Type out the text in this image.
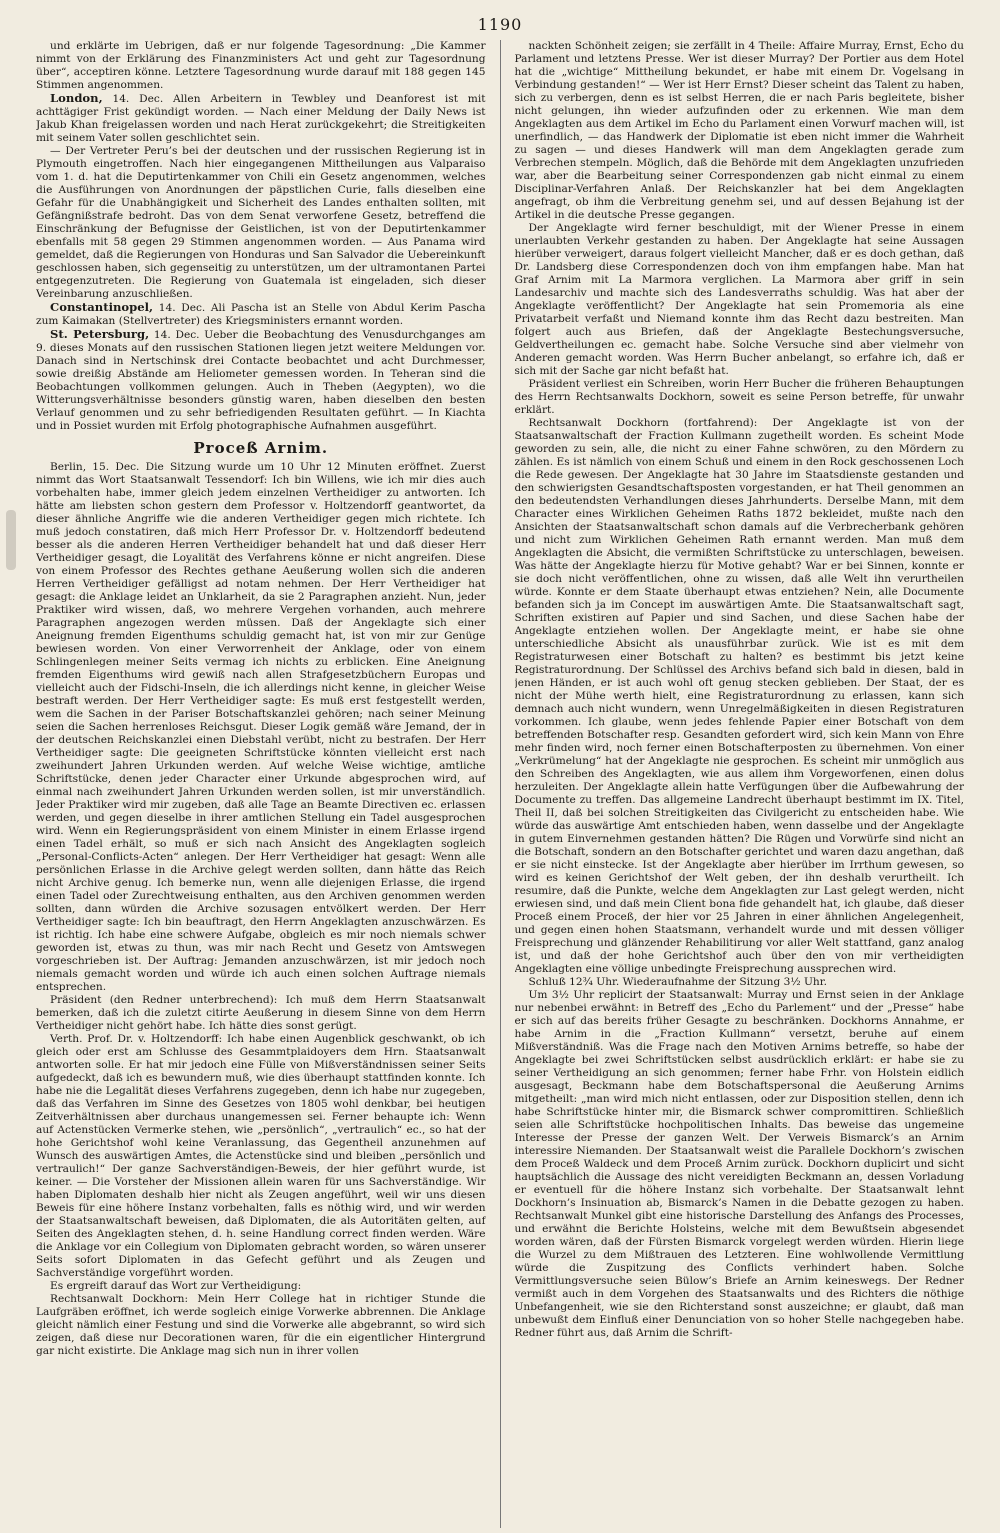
1190

und erklärte im Uebrigen, daß er nur folgende Tagesordnung: „Die Kammer nimmt von der Erklärung des Finanzministers Act und geht zur Tagesordnung über“, acceptiren könne. Letztere Tagesordnung wurde darauf mit 188 gegen 145 Stimmen angenommen.

London, 14. Dec. Allen Arbeitern in Tewbley und Deanforest ist mit achttägiger Frist gekündigt worden. — Nach einer Meldung der Daily News ist Jakub Khan freigelassen worden und nach Herat zurückgekehrt; die Streitigkeiten mit seinem Vater sollen geschlichtet sein.

— Der Vertreter Peru’s bei der deutschen und der russischen Regierung ist in Plymouth eingetroffen. Nach hier eingegangenen Mittheilungen aus Valparaiso vom 1. d. hat die Deputirtenkammer von Chili ein Gesetz angenommen, welches die Ausführungen von Anordnungen der päpstlichen Curie, falls dieselben eine Gefahr für die Unabhängigkeit und Sicherheit des Landes enthalten sollten, mit Gefängnißstrafe bedroht. Das von dem Senat verworfene Gesetz, betreffend die Einschränkung der Befugnisse der Geistlichen, ist von der Deputirtenkammer ebenfalls mit 58 gegen 29 Stimmen angenommen worden. — Aus Panama wird gemeldet, daß die Regierungen von Honduras und San Salvador die Uebereinkunft geschlossen haben, sich gegenseitig zu unterstützen, um der ultramontanen Partei entgegenzutreten. Die Regierung von Guatemala ist eingeladen, sich dieser Vereinbarung anzuschließen.

Constantinopel, 14. Dec. Ali Pascha ist an Stelle von Abdul Kerim Pascha zum Kaimakan (Stellvertreter) des Kriegsministers ernannt worden.

St. Petersburg, 14. Dec. Ueber die Beobachtung des Venusdurchganges am 9. dieses Monats auf den russischen Stationen liegen jetzt weitere Meldungen vor. Danach sind in Nertschinsk drei Contacte beobachtet und acht Durchmesser, sowie dreißig Abstände am Heliometer gemessen worden. In Teheran sind die Beobachtungen vollkommen gelungen. Auch in Theben (Aegypten), wo die Witterungsverhältnisse besonders günstig waren, haben dieselben den besten Verlauf genommen und zu sehr befriedigenden Resultaten geführt. — In Kiachta und in Possiet wurden mit Erfolg photographische Aufnahmen ausgeführt.

Proceß Arnim.

Berlin, 15. Dec. Die Sitzung wurde um 10 Uhr 12 Minuten eröffnet. Zuerst nimmt das Wort Staatsanwalt Tessendorf: Ich bin Willens, wie ich mir dies auch vorbehalten habe, immer gleich jedem einzelnen Vertheidiger zu antworten. Ich hätte am liebsten schon gestern dem Professor v. Holtzendorff geantwortet, da dieser ähnliche Angriffe wie die anderen Vertheidiger gegen mich richtete. Ich muß jedoch constatiren, daß mich Herr Professor Dr. v. Holtzendorff bedeutend besser als die anderen Herren Vertheidiger behandelt hat und daß dieser Herr Vertheidiger gesagt, die Loyalität des Verfahrens könne er nicht angreifen. Diese von einem Professor des Rechtes gethane Aeußerung wollen sich die anderen Herren Vertheidiger gefälligst ad notam nehmen. Der Herr Vertheidiger hat gesagt: die Anklage leidet an Unklarheit, da sie 2 Paragraphen anzieht. Nun, jeder Praktiker wird wissen, daß, wo mehrere Vergehen vorhanden, auch mehrere Paragraphen angezogen werden müssen. Daß der Angeklagte sich einer Aneignung fremden Eigenthums schuldig gemacht hat, ist von mir zur Genüge bewiesen worden. Von einer Verworrenheit der Anklage, oder von einem Schlingenlegen meiner Seits vermag ich nichts zu erblicken. Eine Aneignung fremden Eigenthums wird gewiß nach allen Strafgesetzbüchern Europas und vielleicht auch der Fidschi-Inseln, die ich allerdings nicht kenne, in gleicher Weise bestraft werden. Der Herr Vertheidiger sagte: Es muß erst festgestellt werden, wem die Sachen in der Pariser Botschaftskanzlei gehören; nach seiner Meinung seien die Sachen herrenloses Reichsgut. Dieser Logik gemäß wäre Jemand, der in der deutschen Reichskanzlei einen Diebstahl verübt, nicht zu bestrafen. Der Herr Vertheidiger sagte: Die geeigneten Schriftstücke könnten vielleicht erst nach zweihundert Jahren Urkunden werden. Auf welche Weise wichtige, amtliche Schriftstücke, denen jeder Character einer Urkunde abgesprochen wird, auf einmal nach zweihundert Jahren Urkunden werden sollen, ist mir unverständlich. Jeder Praktiker wird mir zugeben, daß alle Tage an Beamte Directiven ec. erlassen werden, und gegen dieselbe in ihrer amtlichen Stellung ein Tadel ausgesprochen wird. Wenn ein Regierungspräsident von einem Minister in einem Erlasse irgend einen Tadel erhält, so muß er sich nach Ansicht des Angeklagten sogleich „Personal-Conflicts-Acten“ anlegen. Der Herr Vertheidiger hat gesagt: Wenn alle persönlichen Erlasse in die Archive gelegt werden sollten, dann hätte das Reich nicht Archive genug. Ich bemerke nun, wenn alle diejenigen Erlasse, die irgend einen Tadel oder Zurechtweisung enthalten, aus den Archiven genommen werden sollten, dann würden die Archive sozusagen entvölkert werden. Der Herr Vertheidiger sagte: Ich bin beauftragt, den Herrn Angeklagten anzuschwärzen. Es ist richtig. Ich habe eine schwere Aufgabe, obgleich es mir noch niemals schwer geworden ist, etwas zu thun, was mir nach Recht und Gesetz von Amtswegen vorgeschrieben ist. Der Auftrag: Jemanden anzuschwärzen, ist mir jedoch noch niemals gemacht worden und würde ich auch einen solchen Auftrage niemals entsprechen.

Präsident (den Redner unterbrechend): Ich muß dem Herrn Staatsanwalt bemerken, daß ich die zuletzt citirte Aeußerung in diesem Sinne von dem Herrn Vertheidiger nicht gehört habe. Ich hätte dies sonst gerügt.

Verth. Prof. Dr. v. Holtzendorff: Ich habe einen Augenblick geschwankt, ob ich gleich oder erst am Schlusse des Gesammtplaidoyers dem Hrn. Staatsanwalt antworten solle. Er hat mir jedoch eine Fülle von Mißverständnissen seiner Seits aufgedeckt, daß ich es bewundern muß, wie dies überhaupt stattfinden konnte. Ich habe nie die Legalität dieses Verfahrens zugegeben, denn ich habe nur zugegeben, daß das Verfahren im Sinne des Gesetzes von 1805 wohl denkbar, bei heutigen Zeitverhältnissen aber durchaus unangemessen sei. Ferner behaupte ich: Wenn auf Actenstücken Vermerke stehen, wie „persönlich“, „vertraulich“ ec., so hat der hohe Gerichtshof wohl keine Veranlassung, das Gegentheil anzunehmen auf Wunsch des auswärtigen Amtes, die Actenstücke sind und bleiben „persönlich und vertraulich!“ Der ganze Sachverständigen-Beweis, der hier geführt wurde, ist keiner. — Die Vorsteher der Missionen allein waren für uns Sachverständige. Wir haben Diplomaten deshalb hier nicht als Zeugen angeführt, weil wir uns diesen Beweis für eine höhere Instanz vorbehalten, falls es nöthig wird, und wir werden der Staatsanwaltschaft beweisen, daß Diplomaten, die als Autoritäten gelten, auf Seiten des Angeklagten stehen, d. h. seine Handlung correct finden werden. Wäre die Anklage vor ein Collegium von Diplomaten gebracht worden, so wären unserer Seits sofort Diplomaten in das Gefecht geführt und als Zeugen und Sachverständige vorgeführt worden.

Es ergreift darauf das Wort zur Vertheidigung:

Rechtsanwalt Dockhorn: Mein Herr College hat in richtiger Stunde die Laufgräben eröffnet, ich werde sogleich einige Vorwerke abbrennen. Die Anklage gleicht nämlich einer Festung und sind die Vorwerke alle abgebrannt, so wird sich zeigen, daß diese nur Decorationen waren, für die ein eigentlicher Hintergrund gar nicht existirte. Die Anklage mag sich nun in ihrer vollen

nackten Schönheit zeigen; sie zerfällt in 4 Theile: Affaire Murray, Ernst, Echo du Parlament und letztens Presse. Wer ist dieser Murray? Der Portier aus dem Hotel hat die „wichtige“ Mittheilung bekundet, er habe mit einem Dr. Vogelsang in Verbindung gestanden!“ — Wer ist Herr Ernst? Dieser scheint das Talent zu haben, sich zu verbergen, denn es ist selbst Herren, die er nach Paris begleitete, bisher nicht gelungen, ihn wieder aufzufinden oder zu erkennen. Wie man dem Angeklagten aus dem Artikel im Echo du Parlament einen Vorwurf machen will, ist unerfindlich, — das Handwerk der Diplomatie ist eben nicht immer die Wahrheit zu sagen — und dieses Handwerk will man dem Angeklagten gerade zum Verbrechen stempeln. Möglich, daß die Behörde mit dem Angeklagten unzufrieden war, aber die Bearbeitung seiner Correspondenzen gab nicht einmal zu einem Disciplinar-Verfahren Anlaß. Der Reichskanzler hat bei dem Angeklagten angefragt, ob ihm die Verbreitung genehm sei, und auf dessen Bejahung ist der Artikel in die deutsche Presse gegangen.

Der Angeklagte wird ferner beschuldigt, mit der Wiener Presse in einem unerlaubten Verkehr gestanden zu haben. Der Angeklagte hat seine Aussagen hierüber verweigert, daraus folgert vielleicht Mancher, daß er es doch gethan, daß Dr. Landsberg diese Correspondenzen doch von ihm empfangen habe. Man hat Graf Arnim mit La Marmora verglichen. La Marmora aber griff in sein Landesarchiv und machte sich des Landesverraths schuldig. Was hat aber der Angeklagte veröffentlicht? Der Angeklagte hat sein Promemoria als eine Privatarbeit verfaßt und Niemand konnte ihm das Recht dazu bestreiten. Man folgert auch aus Briefen, daß der Angeklagte Bestechungsversuche, Geldvertheilungen ec. gemacht habe. Solche Versuche sind aber vielmehr von Anderen gemacht worden. Was Herrn Bucher anbelangt, so erfahre ich, daß er sich mit der Sache gar nicht befaßt hat.

Präsident verliest ein Schreiben, worin Herr Bucher die früheren Behauptungen des Herrn Rechtsanwalts Dockhorn, soweit es seine Person betreffe, für unwahr erklärt.

Rechtsanwalt Dockhorn (fortfahrend): Der Angeklagte ist von der Staatsanwaltschaft der Fraction Kullmann zugetheilt worden. Es scheint Mode geworden zu sein, alle, die nicht zu einer Fahne schwören, zu den Mördern zu zählen. Es ist nämlich von einem Schuß und einem in den Rock geschossenen Loch die Rede gewesen. Der Angeklagte hat 30 Jahre im Staatsdienste gestanden und den schwierigsten Gesandtschaftsposten vorgestanden, er hat Theil genommen an den bedeutendsten Verhandlungen dieses Jahrhunderts. Derselbe Mann, mit dem Character eines Wirklichen Geheimen Raths 1872 bekleidet, mußte nach den Ansichten der Staatsanwaltschaft schon damals auf die Verbrecherbank gehören und nicht zum Wirklichen Geheimen Rath ernannt werden. Man muß dem Angeklagten die Absicht, die vermißten Schriftstücke zu unterschlagen, beweisen. Was hätte der Angeklagte hierzu für Motive gehabt? War er bei Sinnen, konnte er sie doch nicht veröffentlichen, ohne zu wissen, daß alle Welt ihn verurtheilen würde. Konnte er dem Staate überhaupt etwas entziehen? Nein, alle Documente befanden sich ja im Concept im auswärtigen Amte. Die Staatsanwaltschaft sagt, Schriften existiren auf Papier und sind Sachen, und diese Sachen habe der Angeklagte entziehen wollen. Der Angeklagte meint, er habe sie ohne unterschiedliche Absicht als unausführbar zurück. Wie ist es mit dem Registraturwesen einer Botschaft zu halten? es bestimmt bis jetzt keine Registraturordnung. Der Schlüssel des Archivs befand sich bald in diesen, bald in jenen Händen, er ist auch wohl oft genug stecken geblieben. Der Staat, der es nicht der Mühe werth hielt, eine Registraturordnung zu erlassen, kann sich demnach auch nicht wundern, wenn Unregelmäßigkeiten in diesen Registraturen vorkommen. Ich glaube, wenn jedes fehlende Papier einer Botschaft von dem betreffenden Botschafter resp. Gesandten gefordert wird, sich kein Mann von Ehre mehr finden wird, noch ferner einen Botschafterposten zu übernehmen. Von einer „Verkrümelung“ hat der Angeklagte nie gesprochen. Es scheint mir unmöglich aus den Schreiben des Angeklagten, wie aus allem ihm Vorgeworfenen, einen dolus herzuleiten. Der Angeklagte allein hatte Verfügungen über die Aufbewahrung der Documente zu treffen. Das allgemeine Landrecht überhaupt bestimmt im IX. Titel, Theil II, daß bei solchen Streitigkeiten das Civilgericht zu entscheiden habe. Wie würde das auswärtige Amt entschieden haben, wenn dasselbe und der Angeklagte in gutem Einvernehmen gestanden hätten? Die Rügen und Vorwürfe sind nicht an die Botschaft, sondern an den Botschafter gerichtet und waren dazu angethan, daß er sie nicht einstecke. Ist der Angeklagte aber hierüber im Irrthum gewesen, so wird es keinen Gerichtshof der Welt geben, der ihn deshalb verurtheilt. Ich resumire, daß die Punkte, welche dem Angeklagten zur Last gelegt werden, nicht erwiesen sind, und daß mein Client bona fide gehandelt hat, ich glaube, daß dieser Proceß einem Proceß, der hier vor 25 Jahren in einer ähnlichen Angelegenheit, und gegen einen hohen Staatsmann, verhandelt wurde und mit dessen völliger Freisprechung und glänzender Rehabilitirung vor aller Welt stattfand, ganz analog ist, und daß der hohe Gerichtshof auch über den von mir vertheidigten Angeklagten eine völlige unbedingte Freisprechung aussprechen wird.

Schluß 12¾ Uhr. Wiederaufnahme der Sitzung 3½ Uhr.

Um 3½ Uhr replicirt der Staatsanwalt: Murray und Ernst seien in der Anklage nur nebenbei erwähnt: in Betreff des „Echo du Parlement“ und der „Presse“ habe er sich auf das bereits früher Gesagte zu beschränken. Dockhorns Annahme, er habe Arnim in die „Fraction Kullmann“ versetzt, beruhe auf einem Mißverständniß. Was die Frage nach den Motiven Arnims betreffe, so habe der Angeklagte bei zwei Schriftstücken selbst ausdrücklich erklärt: er habe sie zu seiner Vertheidigung an sich genommen; ferner habe Frhr. von Holstein eidlich ausgesagt, Beckmann habe dem Botschaftspersonal die Aeußerung Arnims mitgetheilt: „man wird mich nicht entlassen, oder zur Disposition stellen, denn ich habe Schriftstücke hinter mir, die Bismarck schwer compromittiren. Schließlich seien alle Schriftstücke hochpolitischen Inhalts. Das beweise das ungemeine Interesse der Presse der ganzen Welt. Der Verweis Bismarck’s an Arnim interessire Niemanden. Der Staatsanwalt weist die Parallele Dockhorn’s zwischen dem Proceß Waldeck und dem Proceß Arnim zurück. Dockhorn duplicirt und sicht hauptsächlich die Aussage des nicht vereidigten Beckmann an, dessen Vorladung er eventuell für die höhere Instanz sich vorbehalte. Der Staatsanwalt lehnt Dockhorn’s Insinuation ab, Bismarck’s Namen in die Debatte gezogen zu haben. Rechtsanwalt Munkel gibt eine historische Darstellung des Anfangs des Processes, und erwähnt die Berichte Holsteins, welche mit dem Bewußtsein abgesendet worden wären, daß der Fürsten Bismarck vorgelegt werden würden. Hierin liege die Wurzel zu dem Mißtrauen des Letzteren. Eine wohlwollende Vermittlung würde die Zuspitzung des Conflicts verhindert haben. Solche Vermittlungsversuche seien Bülow’s Briefe an Arnim keineswegs. Der Redner vermißt auch in dem Vorgehen des Staatsanwalts und des Richters die nöthige Unbefangenheit, wie sie den Richterstand sonst auszeichne; er glaubt, daß man unbewußt dem Einfluß einer Denunciation von so hoher Stelle nachgegeben habe. Redner führt aus, daß Arnim die Schrift-
